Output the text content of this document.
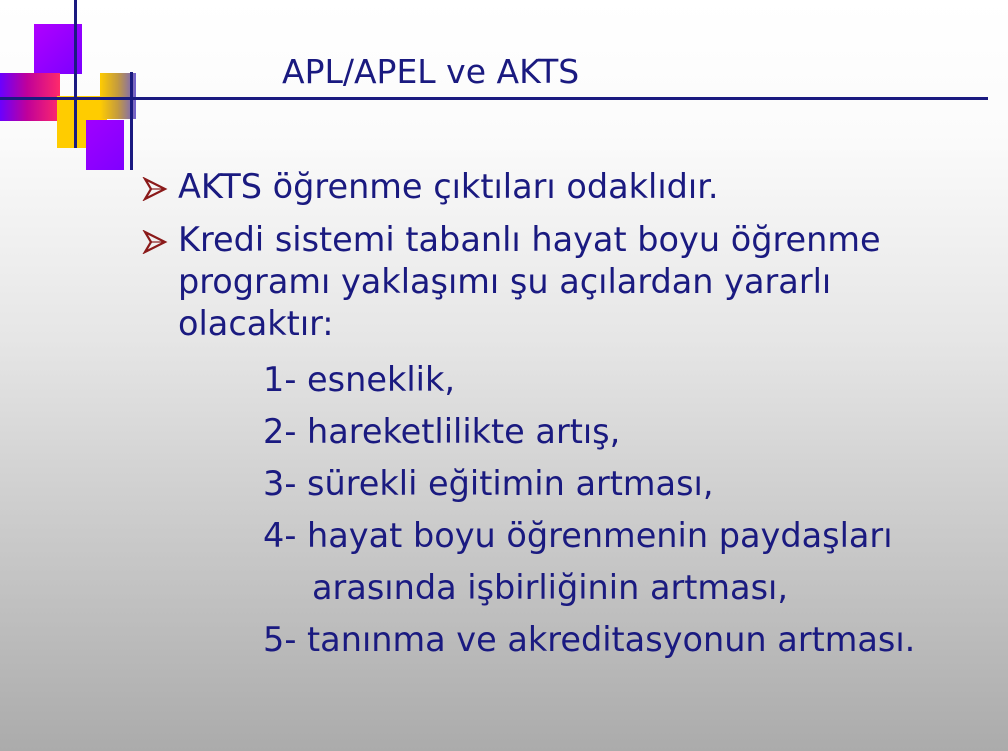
APL/APEL ve AKTS
AKTS öğrenme çıktıları odaklıdır.
Kredi sistemi tabanlı hayat boyu öğrenme
programı yaklaşımı şu açılardan yararlı
olacaktır:
1- esneklik,
2- hareketlilikte artış,
3- sürekli eğitimin artması,
4- hayat boyu öğrenmenin paydaşları
arasında işbirliğinin artması,
5- tanınma ve akreditasyonun artması.
